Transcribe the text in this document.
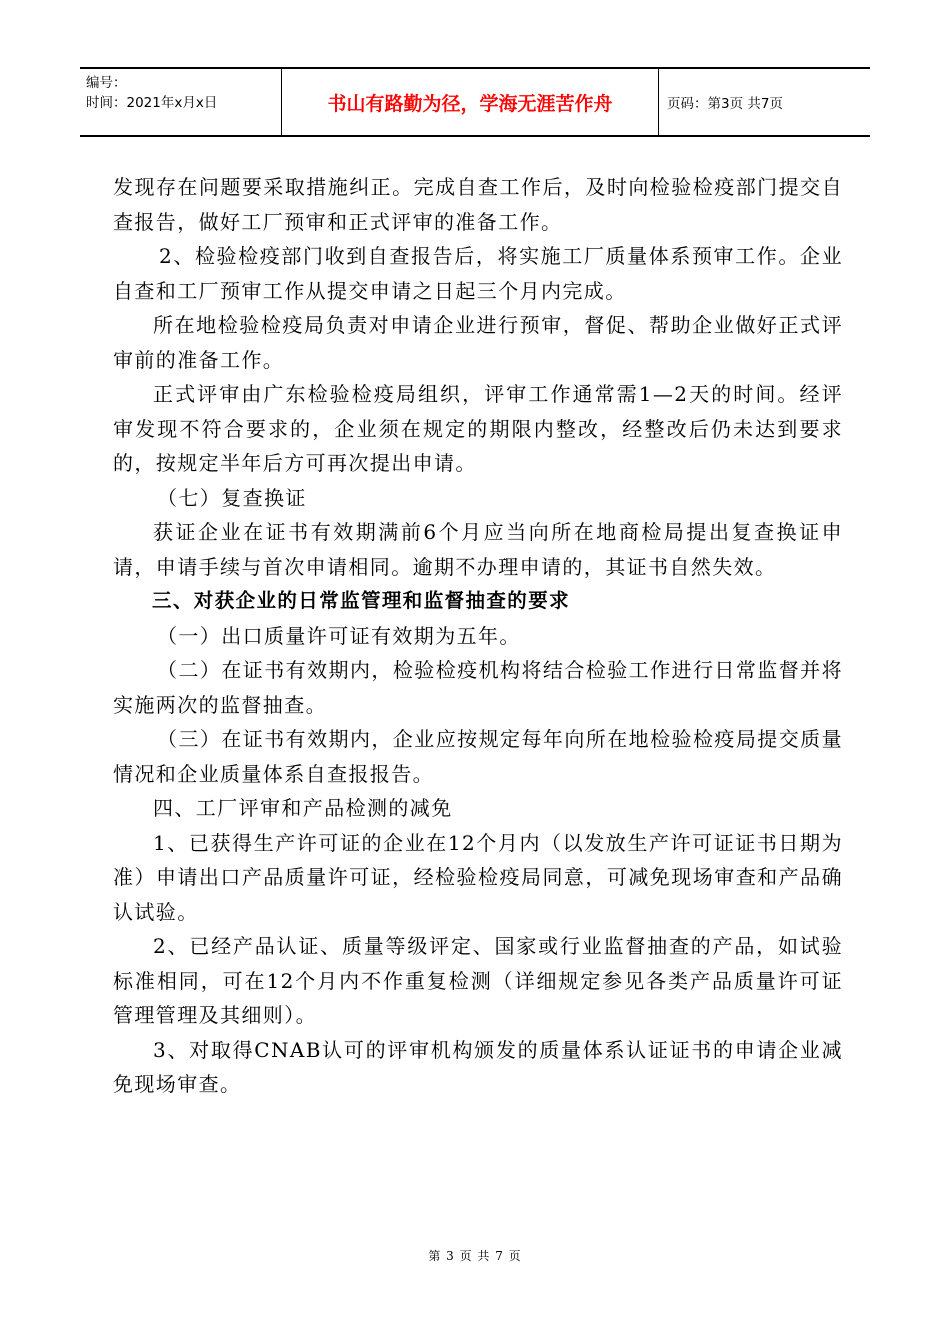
编号：
时间：2021年x月x日	书山有路勤为径，学海无涯苦作舟	页码：第3页 共7页

发现存在问题要采取措施纠正。完成自查工作后，及时向检验检疫部门提交自查报告，做好工厂预审和正式评审的准备工作。

2、检验检疫部门收到自查报告后，将实施工厂质量体系预审工作。企业自查和工厂预审工作从提交申请之日起三个月内完成。

所在地检验检疫局负责对申请企业进行预审，督促、帮助企业做好正式评审前的准备工作。

正式评审由广东检验检疫局组织，评审工作通常需1—2天的时间。经评审发现不符合要求的，企业须在规定的期限内整改，经整改后仍未达到要求的，按规定半年后方可再次提出申请。

（七）复查换证

获证企业在证书有效期满前6个月应当向所在地商检局提出复查换证申请，申请手续与首次申请相同。逾期不办理申请的，其证书自然失效。

三、对获企业的日常监管理和监督抽查的要求

（一）出口质量许可证有效期为五年。

（二）在证书有效期内，检验检疫机构将结合检验工作进行日常监督并将实施两次的监督抽查。

（三）在证书有效期内，企业应按规定每年向所在地检验检疫局提交质量情况和企业质量体系自查报报告。

四、工厂评审和产品检测的减免

1、已获得生产许可证的企业在12个月内（以发放生产许可证证书日期为准）申请出口产品质量许可证，经检验检疫局同意，可减免现场审查和产品确认试验。

2、已经产品认证、质量等级评定、国家或行业监督抽查的产品，如试验标准相同，可在12个月内不作重复检测（详细规定参见各类产品质量许可证管理管理及其细则）。

3、对取得CNAB认可的评审机构颁发的质量体系认证证书的申请企业减免现场审查。

第 3 页 共 7 页
